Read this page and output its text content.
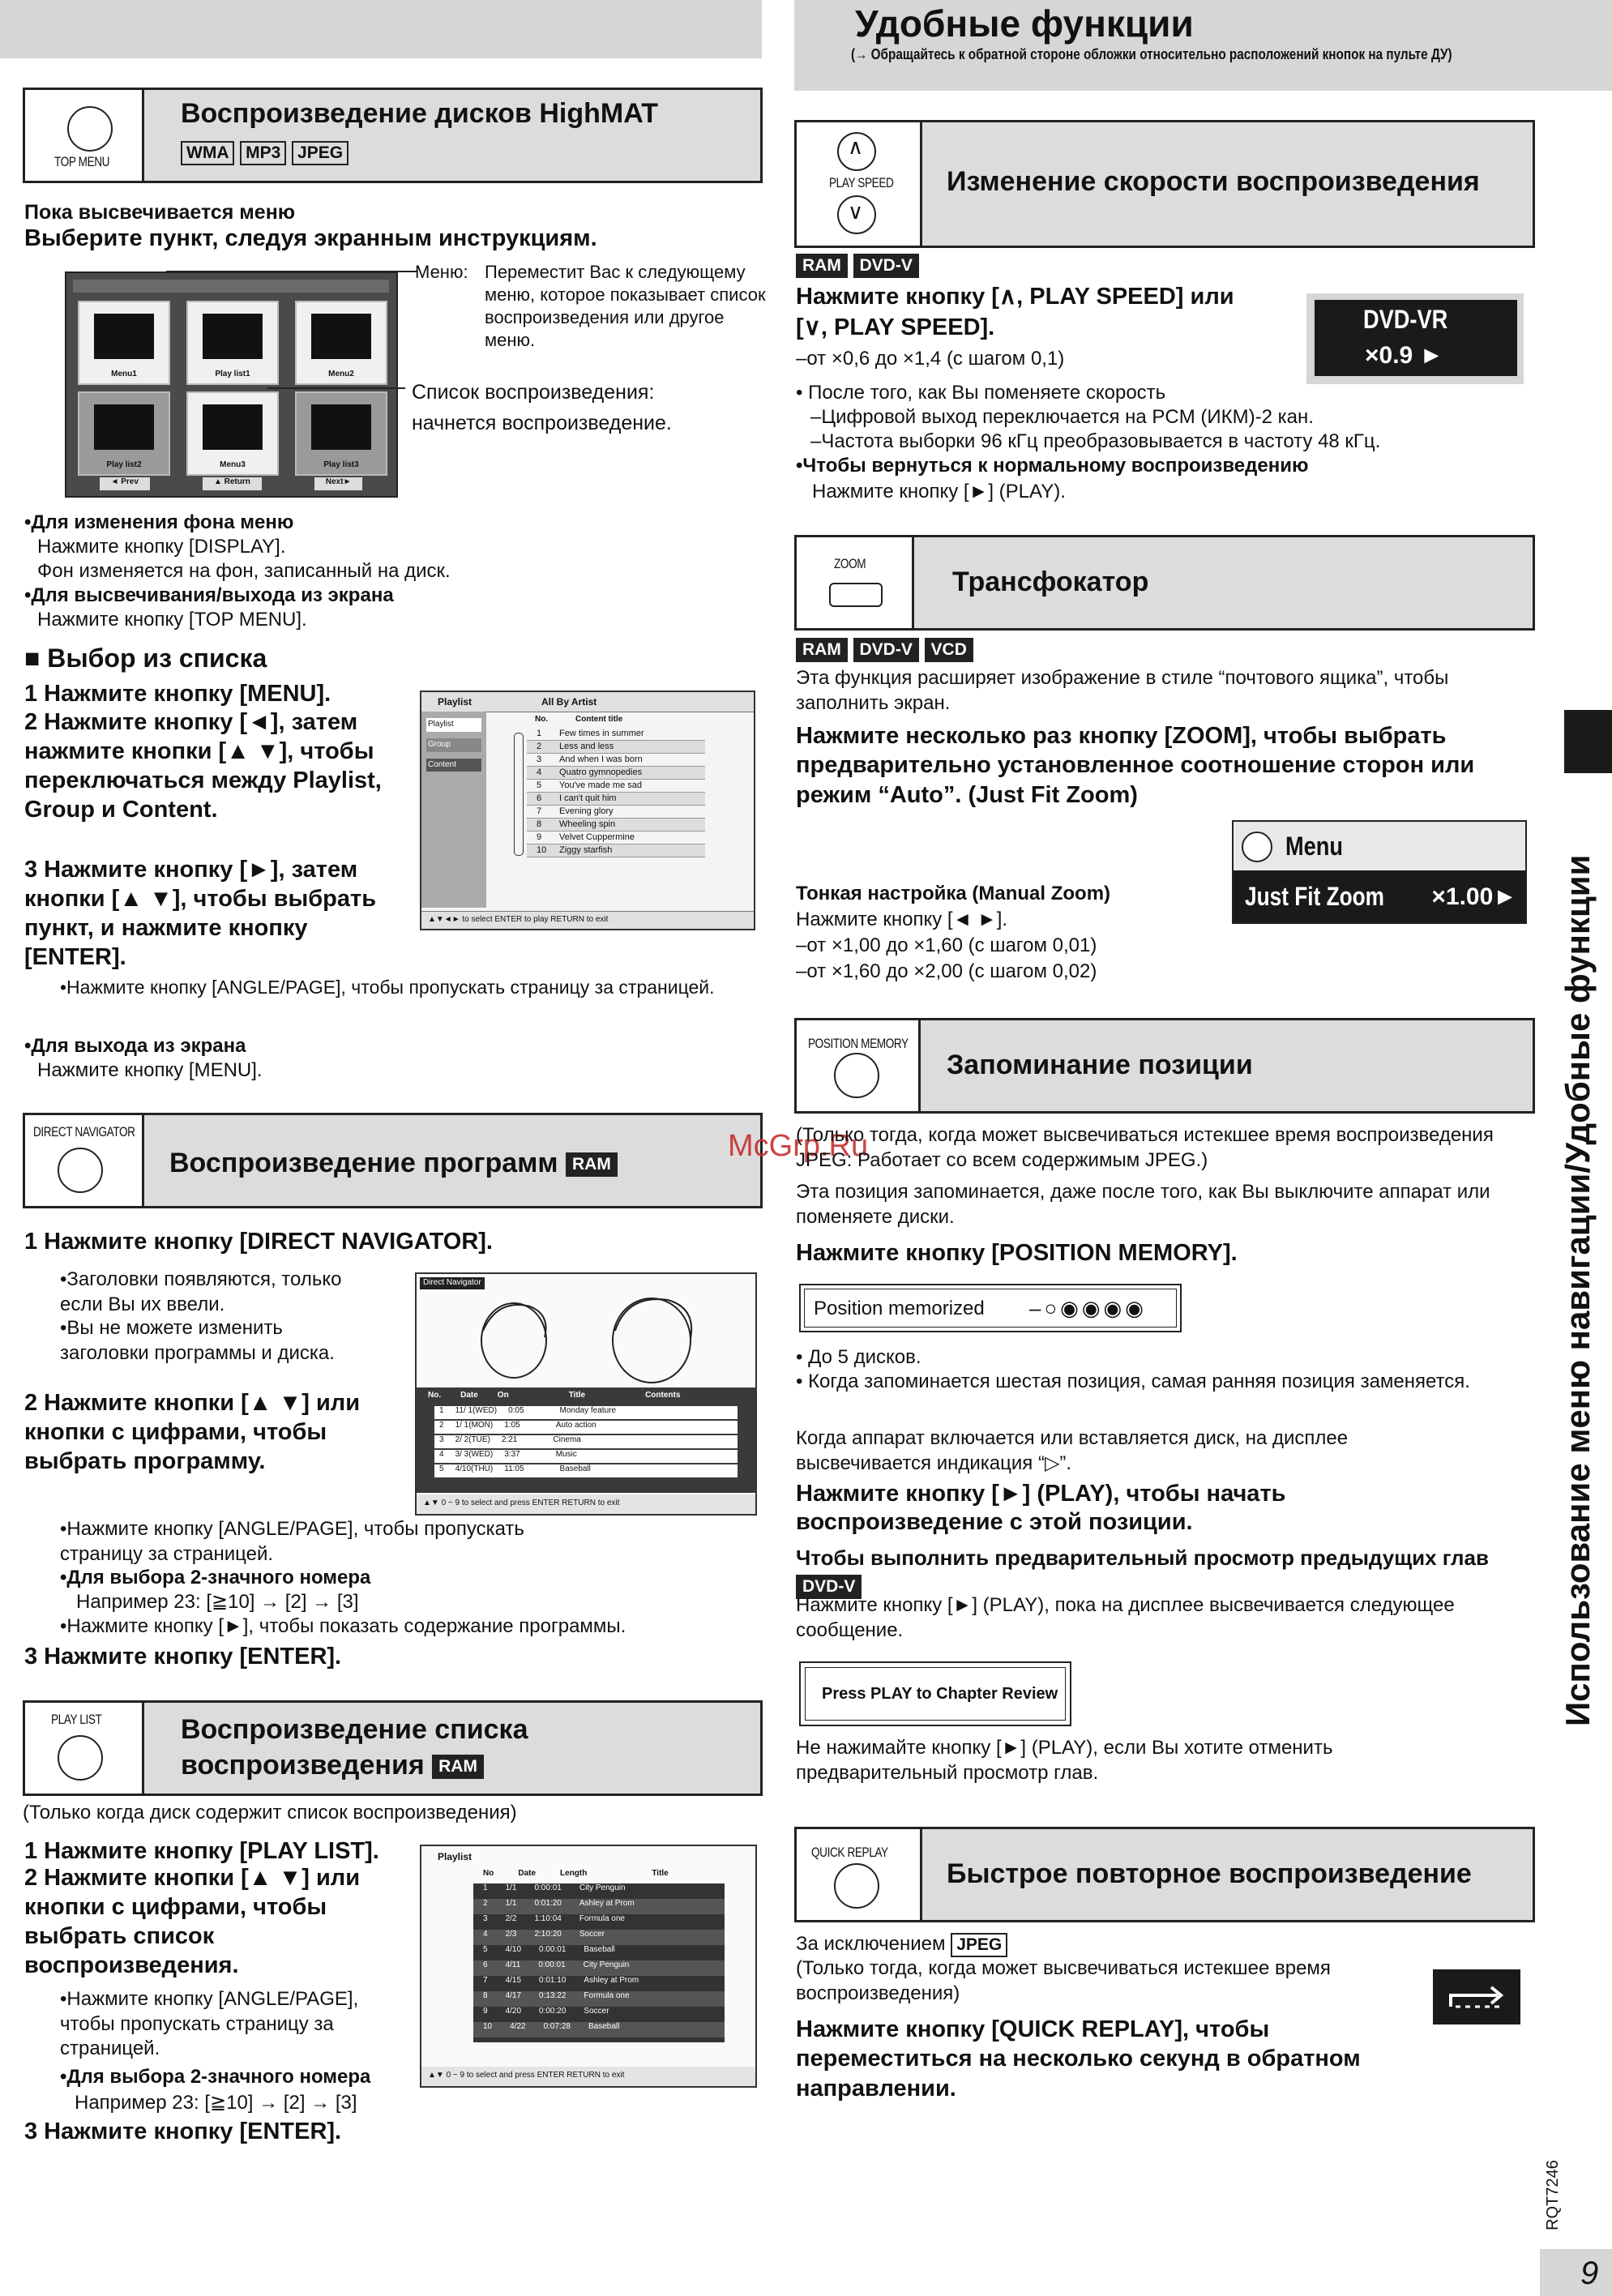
Удобные функции
(→ Обращайтесь к обратной стороне обложки относительно расположений кнопок на пульте ДУ)
TOP MENU
Воспроизведение дисков HighMAT
WMA MP3 JPEG
Пока высвечивается меню
Выберите пункт, следуя экранным инструкциям.
Menu1	Play list1	Menu2
Play list2	Menu3	Play list3
◄ Prev	▲ Return	Next►
Меню: Переместит Вас к следующему меню, которое показывает список воспроизведения или другое меню.
Список воспроизведения: начнется воспроизведение.
•Для изменения фона меню
Нажмите кнопку [DISPLAY].
Фон изменяется на фон, записанный на диск.
•Для высвечивания/выхода из экрана
Нажмите кнопку [TOP MENU].
■ Выбор из списка
1 Нажмите кнопку [MENU].
2 Нажмите кнопку [◄], затем нажмите кнопки [▲ ▼], чтобы переключаться между Playlist, Group и Content.
3 Нажмите кнопку [►], затем кнопки [▲ ▼], чтобы выбрать пункт, и нажмите кнопку [ENTER].
•Нажмите кнопку [ANGLE/PAGE], чтобы пропускать страницу за страницей.
•Для выхода из экрана
Нажмите кнопку [MENU].
Playlist	All By Artist
Playlist
Group
Content
No.	Content title
1 Few times in summer
2 Less and less
3 And when I was born
4 Quatro gymnopedies
5 You've made me sad
6 I can't quit him
7 Evening glory
8 Wheeling spin
9 Velvet Cuppermine
10 Ziggy starfish
▲▼◄► to select ENTER to play RETURN to exit
DIRECT NAVIGATOR
Воспроизведение программ RAM
McGrp.Ru
1 Нажмите кнопку [DIRECT NAVIGATOR].
•Заголовки появляются, только если Вы их ввели.
•Вы не можете изменить заголовки программы и диска.
2 Нажмите кнопки [▲ ▼] или кнопки с цифрами, чтобы выбрать программу.
•Нажмите кнопку [ANGLE/PAGE], чтобы пропускать страницу за страницей.
•Для выбора 2-значного номера
Например 23: [≧10] → [2] → [3]
•Нажмите кнопку [►], чтобы показать содержание программы.
3 Нажмите кнопку [ENTER].
Direct Navigator
No. Date On	Title	Contents
1 11/ 1(WED) 0:05	Monday feature
2 1/ 1(MON) 1:05	Auto action
3 2/ 2(TUE) 2:21	Cinema
4 3/ 3(WED) 3:37	Music
5 4/10(THU) 11:05	Baseball
▲▼ 0 ~ 9 to select and press ENTER RETURN to exit
PLAY LIST	Воспроизведение списка
воспроизведения RAM
(Только когда диск содержит список воспроизведения)
1 Нажмите кнопку [PLAY LIST].
2 Нажмите кнопки [▲ ▼] или кнопки с цифрами, чтобы выбрать список воспроизведения.
•Нажмите кнопку [ANGLE/PAGE], чтобы пропускать страницу за страницей.
•Для выбора 2-значного номера
Например 23: [≧10] → [2] → [3]
3 Нажмите кнопку [ENTER].
Playlist
No	Date	Length	Title
1 1/1 0:00:01 City Penguin
2 1/1 0:01:20 Ashley at Prom
3 2/2 1:10:04 Formula one
4 2/3 2:10:20 Soccer
5 4/10 0:00:01 Baseball
6 4/11 0:00:01 City Penguin
7 4/15 0:01:10 Ashley at Prom
8 4/17 0:13:22 Formula one
9 4/20 0:00:20 Soccer
10 4/22 0:07:28 Baseball
▲▼ 0 ~ 9 to select and press ENTER RETURN to exit
∧
PLAY SPEED
∨
Изменение скорости воспроизведения
RAM DVD-V
Нажмите кнопку [∧, PLAY SPEED] или
[∨, PLAY SPEED].
–от ×0,6 до ×1,4 (с шагом 0,1)
DVD-VR
×0.9 ►
• После того, как Вы поменяете скорость
–Цифровой выход переключается на PCM (ИКМ)-2 кан.
–Частота выборки 96 кГц преобразовывается в частоту 48 кГц.
•Чтобы вернуться к нормальному воспроизведению
Нажмите кнопку [►] (PLAY).
ZOOM
Трансфокатор
RAM DVD-V VCD
Эта функция расширяет изображение в стиле “почтового ящика”, чтобы заполнить экран.
Нажмите несколько раз кнопку [ZOOM], чтобы выбрать предварительно установленное соотношение сторон или режим “Auto”. (Just Fit Zoom)
Menu
Just Fit Zoom ×1.00►
Тонкая настройка (Manual Zoom)
Нажмите кнопку [◄ ►].
–от ×1,00 до ×1,60 (с шагом 0,01)
–от ×1,60 до ×2,00 (с шагом 0,02)
POSITION MEMORY
Запоминание позиции
(Только тогда, когда может высвечиваться истекшее время воспроизведения JPEG: Работает со всем содержимым JPEG.)
Эта позиция запоминается, даже после того, как Вы выключите аппарат или поменяете диски.
Нажмите кнопку [POSITION MEMORY].
Position memorized –○◉◉◉◉
• До 5 дисков.
• Когда запоминается шестая позиция, самая ранняя позиция заменяется.
Когда аппарат включается или вставляется диск, на дисплее высвечивается индикация “▷”.
Нажмите кнопку [►] (PLAY), чтобы начать воспроизведение с этой позиции.
Чтобы выполнить предварительный просмотр предыдущих глав DVD-V
Нажмите кнопку [►] (PLAY), пока на дисплее высвечивается следующее сообщение.
Press PLAY to Chapter Review
Не нажимайте кнопку [►] (PLAY), если Вы хотите отменить предварительный просмотр глав.
QUICK REPLAY
Быстрое повторное воспроизведение
За исключением JPEG
(Только тогда, когда может высвечиваться истекшее время воспроизведения)
Нажмите кнопку [QUICK REPLAY], чтобы переместиться на несколько секунд в обратном направлении.
Использование меню навигации/Удобные функции
RQT7246
9
